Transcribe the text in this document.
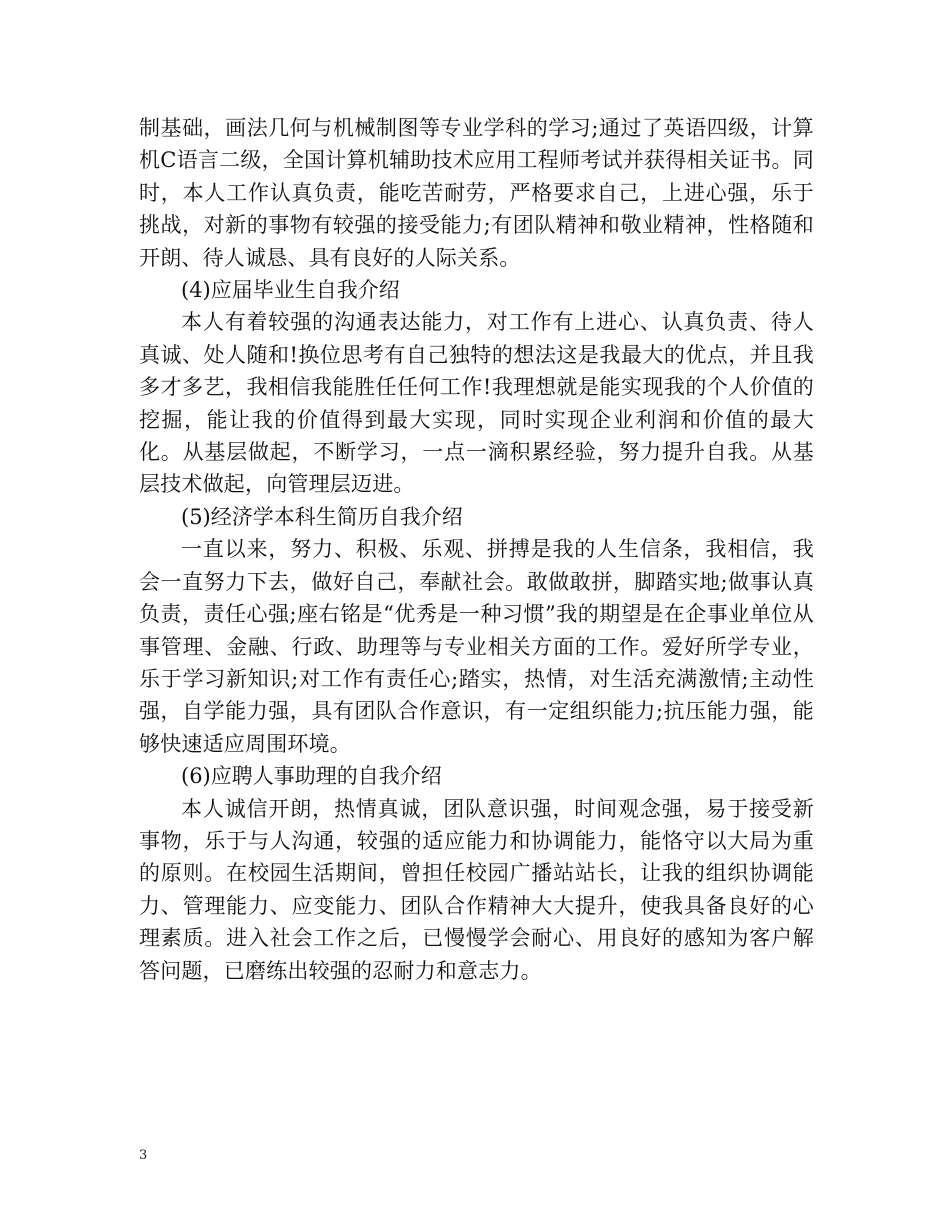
制基础，画法几何与机械制图等专业学科的学习;通过了英语四级，计算机C语言二级，全国计算机辅助技术应用工程师考试并获得相关证书。同时，本人工作认真负责，能吃苦耐劳，严格要求自己，上进心强，乐于挑战，对新的事物有较强的接受能力;有团队精神和敬业精神，性格随和开朗、待人诚恳、具有良好的人际关系。

(4)应届毕业生自我介绍

本人有着较强的沟通表达能力，对工作有上进心、认真负责、待人真诚、处人随和!换位思考有自己独特的想法这是我最大的优点，并且我多才多艺，我相信我能胜任任何工作!我理想就是能实现我的个人价值的挖掘，能让我的价值得到最大实现，同时实现企业利润和价值的最大化。从基层做起，不断学习，一点一滴积累经验，努力提升自我。从基层技术做起，向管理层迈进。

(5)经济学本科生简历自我介绍

一直以来，努力、积极、乐观、拼搏是我的人生信条，我相信，我会一直努力下去，做好自己，奉献社会。敢做敢拼，脚踏实地;做事认真负责，责任心强;座右铭是“优秀是一种习惯”我的期望是在企事业单位从事管理、金融、行政、助理等与专业相关方面的工作。爱好所学专业，乐于学习新知识;对工作有责任心;踏实，热情，对生活充满激情;主动性强，自学能力强，具有团队合作意识，有一定组织能力;抗压能力强，能够快速适应周围环境。

(6)应聘人事助理的自我介绍

本人诚信开朗，热情真诚，团队意识强，时间观念强，易于接受新事物，乐于与人沟通，较强的适应能力和协调能力，能恪守以大局为重的原则。在校园生活期间，曾担任校园广播站站长，让我的组织协调能力、管理能力、应变能力、团队合作精神大大提升，使我具备良好的心理素质。进入社会工作之后，已慢慢学会耐心、用良好的感知为客户解答问题，已磨练出较强的忍耐力和意志力。

3
